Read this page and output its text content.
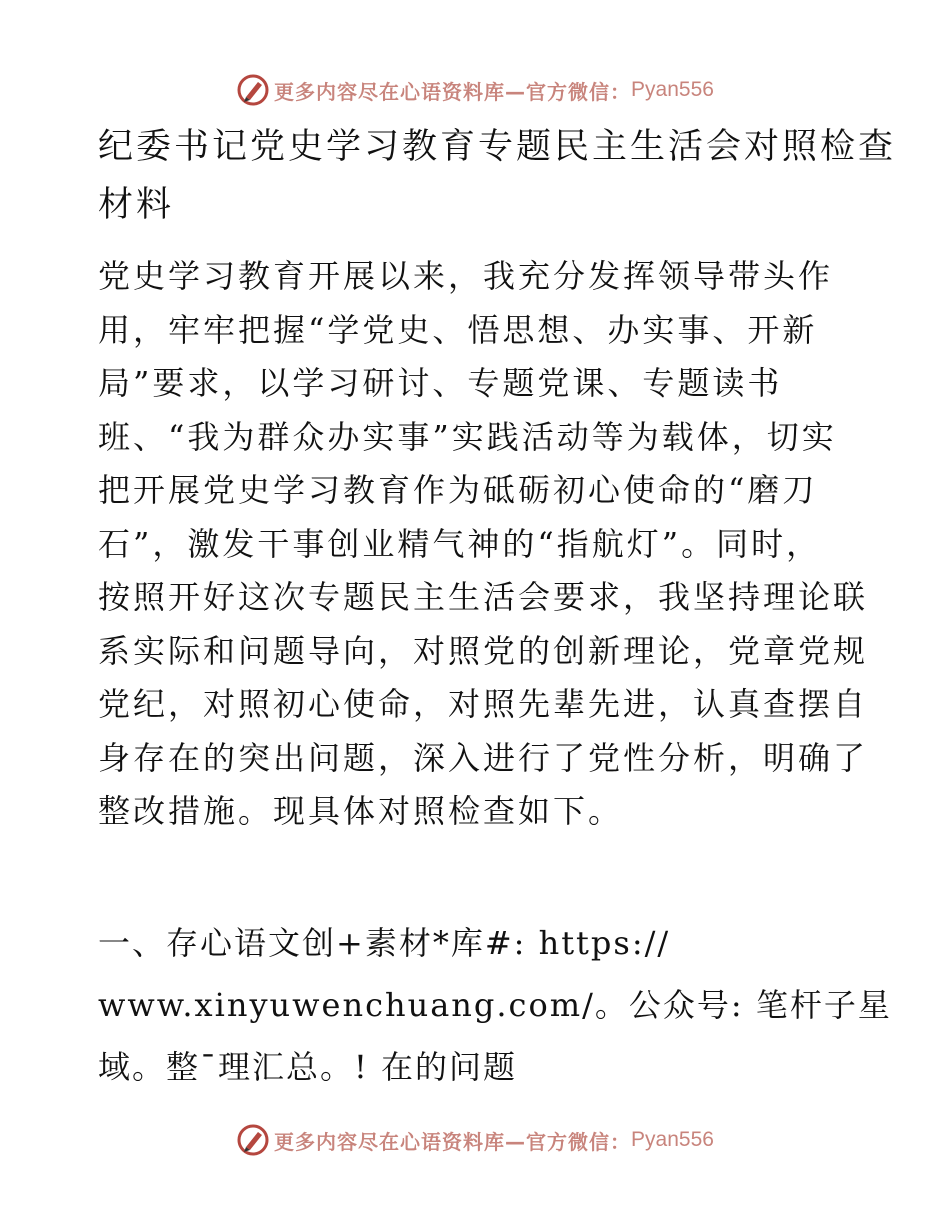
更多内容尽在心语资料库—官方微信： Pyan556
纪委书记党史学习教育专题民主生活会对照检查
材料
党史学习教育开展以来，我充分发挥领导带头作
用，牢牢把握“学党史、悟思想、办实事、开新
局”要求，以学习研讨、专题党课、专题读书
班、“我为群众办实事”实践活动等为载体，切实
把开展党史学习教育作为砥砺初心使命的“磨刀
石”，激发干事创业精气神的“指航灯”。同时，
按照开好这次专题民主生活会要求，我坚持理论联
系实际和问题导向，对照党的创新理论，党章党规
党纪，对照初心使命，对照先辈先进，认真查摆自
身存在的突出问题，深入进行了党性分析，明确了
整改措施。现具体对照检查如下。
一、存心语文创+素材*库#: https://
www.xinyuwenchuang.com/。公众号: 笔杆子星
域。整¯理汇总。! 在的问题
更多内容尽在心语资料库—官方微信： Pyan556
